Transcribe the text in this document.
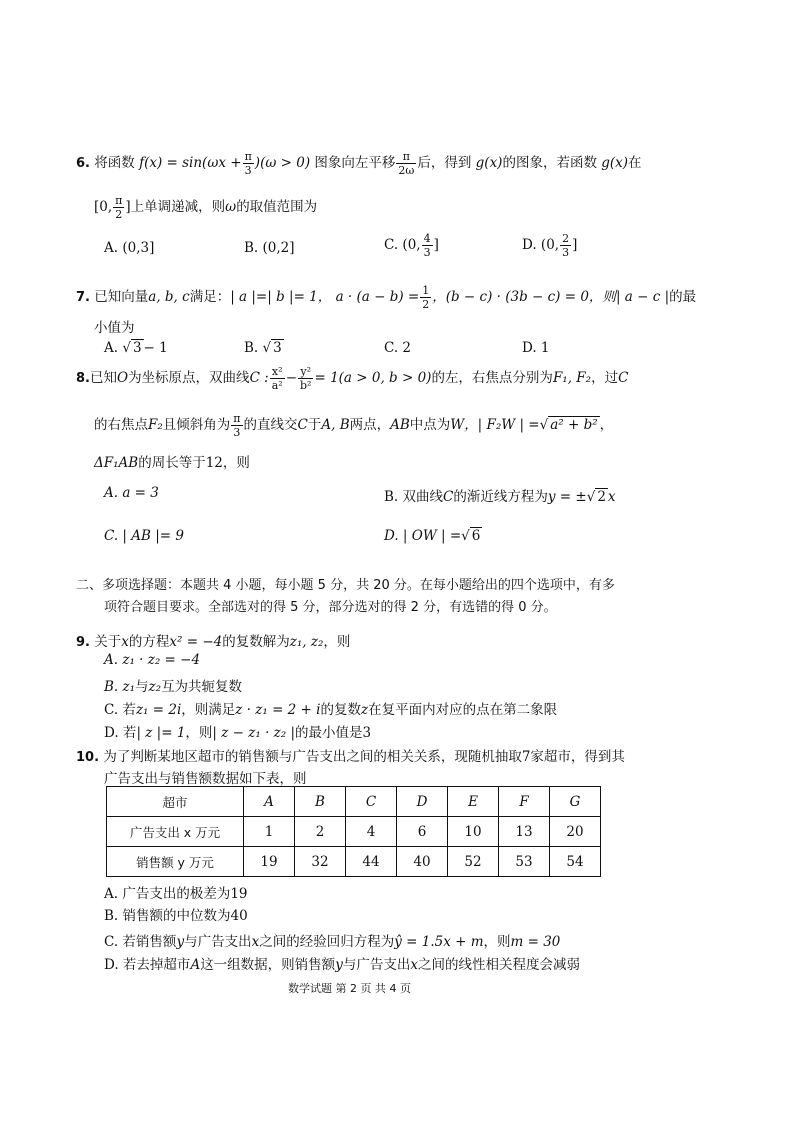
6. 将函数 $f(x) = \sin(\omega x + \frac{\pi}{3} )(\omega > 0)$ 图象向左平移 $\frac{\pi}{2\omega}$ 后，得到 g(x)的图象，若函数 g(x)在
[0, $\frac{\pi}{2}$ ]上单调递减，则ω的取值范围为
A. (0,3]	B. (0,2]	C. (0, $\frac{4}{3}$ ]	D. (0, $\frac{2}{3}$ ]
7. 已知向量a, b, c满足：| a |=| b |= 1， $a \cdot (a - b) = \frac{1}{2}$ ，(b − c) · (3b − c) = 0，则| a − c |的最
小值为
A. √ 3 − 1	B. √ 3	C. 2	D. 1
8.已知O为坐标原点，双曲线C : $\frac{\text{x²}}{\text{a²}} - \frac{\text{y²}}{\text{b²}} = 1(a > 0$, b > 0)的左，右焦点分别为F₁, F₂，过C
的右焦点F₂且倾斜角为 $\frac{\pi}{3}$ 的直线交C于A, B两点，AB中点为W，| F₂W | =√ a² + b² ，
ΔF₁AB的周长等于12，则
A. a = 3	B. 双曲线C的渐近线方程为y = ±√ 2 x
C. | AB |= 9	D. | OW | =√ 6
二、多项选择题：本题共 4 小题，每小题 5 分，共 20 分。在每小题给出的四个选项中，有多
项符合题目要求。全部选对的得 5 分，部分选对的得 2 分，有选错的得 0 分。
9. 关于x的方程x² = −4的复数解为z₁, z₂，则
A. z₁ · z₂ = −4
B. z₁与z₂互为共轭复数
C. 若z₁ = 2i，则满足z · z₁ = 2 + i的复数z在复平面内对应的点在第二象限
D. 若| z |= 1，则| z − z₁ · z₂ |的最小值是3
10. 为了判断某地区超市的销售额与广告支出之间的相关关系，现随机抽取7家超市，得到其
广告支出与销售额数据如下表，则
超市	A	B	C	D	E	F	G
广告支出 x 万元	1	2	4	6	10	13	20
销售额 y 万元	19	32	44	40	52	53	54
A. 广告支出的极差为19
B. 销售额的中位数为40
C. 若销售额y与广告支出x之间的经验回归方程为ŷ = 1.5x + m，则m = 30
D. 若去掉超市A这一组数据，则销售额y与广告支出x之间的线性相关程度会减弱
数学试题 第 2 页 共 4 页
